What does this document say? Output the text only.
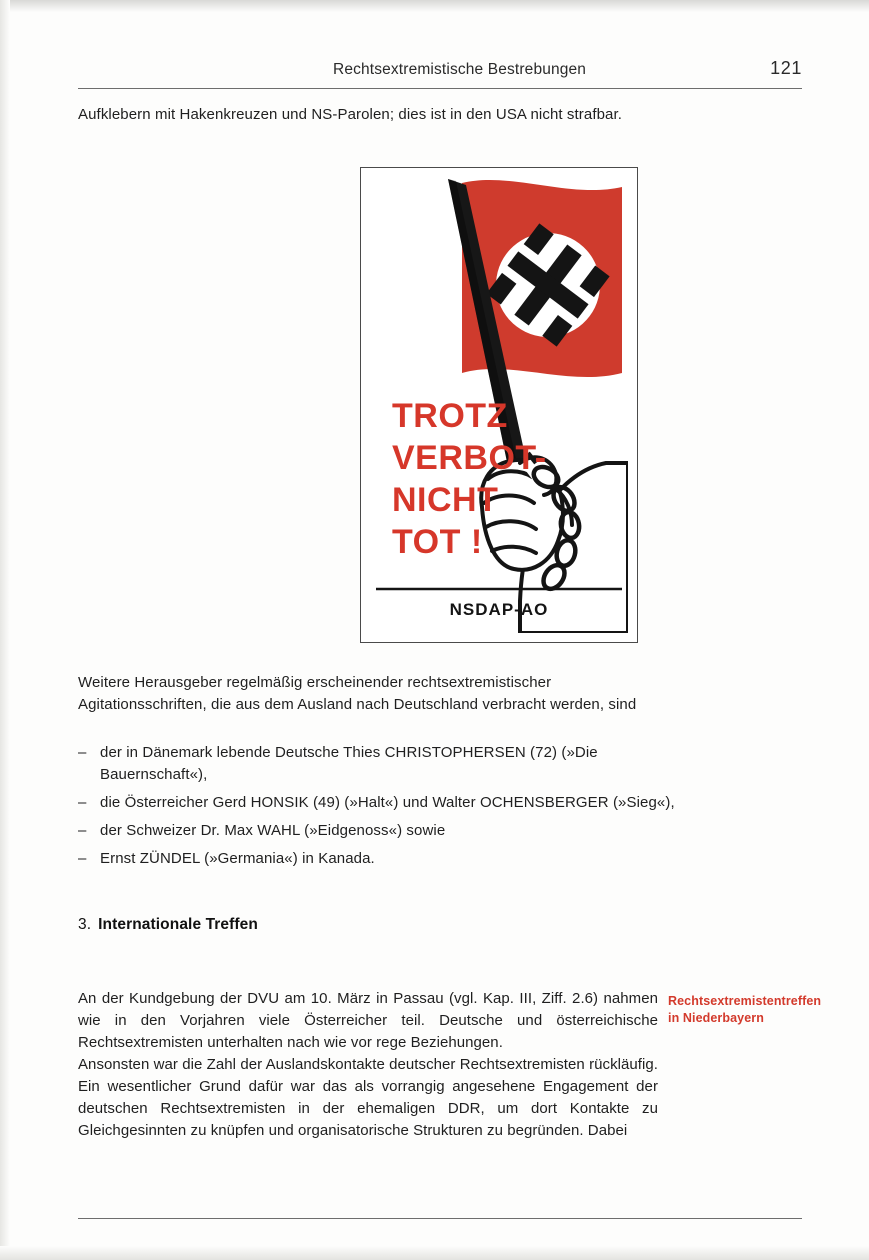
Rechtsextremistische Bestrebungen	121
Aufklebern mit Hakenkreuzen und NS-Parolen; dies ist in den USA nicht strafbar.
TROTZ
VERBOT-
NICHT
TOT !
NSDAP-AO
Weitere Herausgeber regelmäßig erscheinender rechtsextremistischer Agitationsschriften, die aus dem Ausland nach Deutschland verbracht werden, sind
– der in Dänemark lebende Deutsche Thies CHRISTOPHERSEN (72) (»Die Bauernschaft«),
– die Österreicher Gerd HONSIK (49) (»Halt«) und Walter OCHENSBERGER (»Sieg«),
– der Schweizer Dr. Max WAHL (»Eidgenoss«) sowie
– Ernst ZÜNDEL (»Germania«) in Kanada.
3. Internationale Treffen

An der Kundgebung der DVU am 10. März in Passau (vgl. Kap. III, Ziff. 2.6) nahmen wie in den Vorjahren viele Österreicher teil. Deutsche und österreichische Rechtsextremisten unterhalten nach wie vor rege Beziehungen.

Ansonsten war die Zahl der Auslandskontakte deutscher Rechtsextremisten rückläufig. Ein wesentlicher Grund dafür war das als vorrangig angesehene Engagement der deutschen Rechtsextremisten in der ehemaligen DDR, um dort Kontakte zu Gleichgesinnten zu knüpfen und organisatorische Strukturen zu begründen. Dabei

Rechtsextremistentreffen in Niederbayern
